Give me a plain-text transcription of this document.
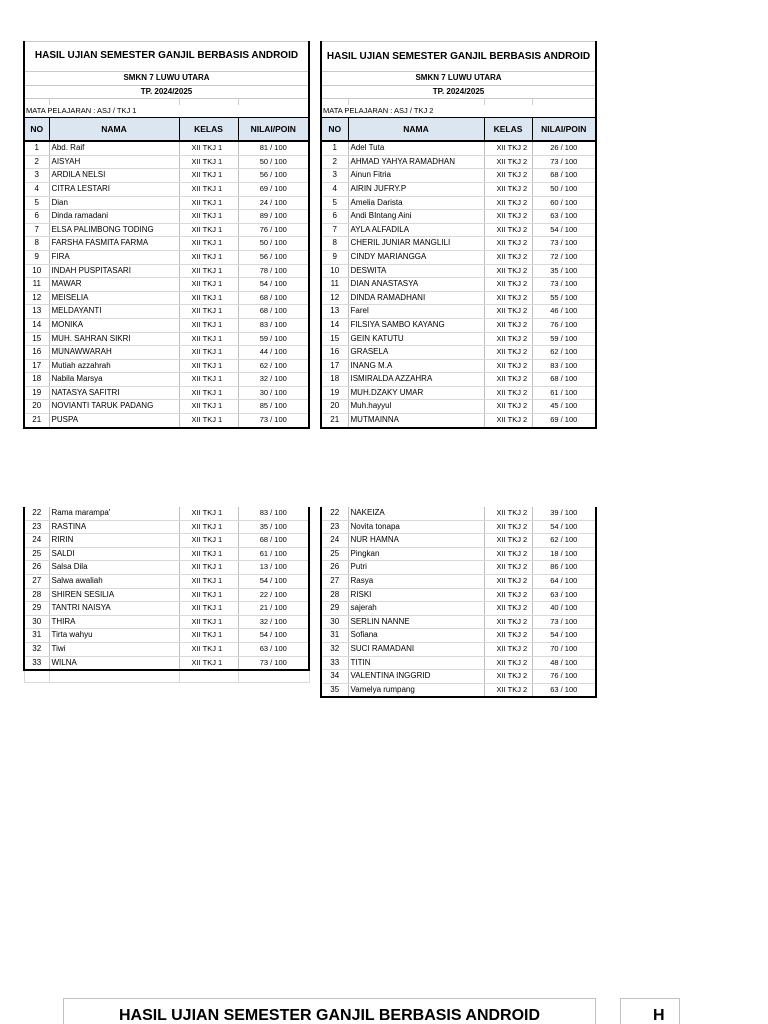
HASIL UJIAN SEMESTER GANJIL BERBASIS ANDROID			
SMKN 7 LUWU UTARA			
TP. 2024/2025			

MATA PELAJARAN : ASJ / TKJ 1			
NO	NAMA	KELAS	NILAI/POIN
1	Abd. Raif	XII TKJ 1	81 / 100
2	AISYAH	XII TKJ 1	50 / 100
3	ARDILA NELSI	XII TKJ 1	56 / 100
4	CITRA LESTARI	XII TKJ 1	69 / 100
5	Dian	XII TKJ 1	24 / 100
6	Dinda ramadani	XII TKJ 1	89 / 100
7	ELSA PALIMBONG TODING	XII TKJ 1	76 / 100
8	FARSHA FASMITA FARMA	XII TKJ 1	50 / 100
9	FIRA	XII TKJ 1	56 / 100
10	INDAH PUSPITASARI	XII TKJ 1	78 / 100
11	MAWAR	XII TKJ 1	54 / 100
12	MEISELIA	XII TKJ 1	68 / 100
13	MELDAYANTI	XII TKJ 1	68 / 100
14	MONIKA	XII TKJ 1	83 / 100
15	MUH. SAHRAN SIKRI	XII TKJ 1	59 / 100
16	MUNAWWARAH	XII TKJ 1	44 / 100
17	Mutiah azzahrah	XII TKJ 1	62 / 100
18	Nabila Marsya	XII TKJ 1	32 / 100
19	NATASYA SAFITRI	XII TKJ 1	30 / 100
20	NOVIANTI TARUK PADANG	XII TKJ 1	85 / 100
21	PUSPA	XII TKJ 1	73 / 100
HASIL UJIAN SEMESTER GANJIL BERBASIS ANDROID			
SMKN 7 LUWU UTARA			
TP. 2024/2025			

MATA PELAJARAN : ASJ / TKJ 2			
NO	NAMA	KELAS	NILAI/POIN
1	Adel Tuta	XII TKJ 2	26 / 100
2	AHMAD YAHYA RAMADHAN	XII TKJ 2	73 / 100
3	Ainun Fitria	XII TKJ 2	68 / 100
4	AIRIN JUFRY.P	XII TKJ 2	50 / 100
5	Amelia Darista	XII TKJ 2	60 / 100
6	Andi BIntang Aini	XII TKJ 2	63 / 100
7	AYLA ALFADILA	XII TKJ 2	54 / 100
8	CHERIL JUNIAR MANGLILI	XII TKJ 2	73 / 100
9	CINDY MARIANGGA	XII TKJ 2	72 / 100
10	DESWITA	XII TKJ 2	35 / 100
11	DIAN ANASTASYA	XII TKJ 2	73 / 100
12	DINDA RAMADHANI	XII TKJ 2	55 / 100
13	Farel	XII TKJ 2	46 / 100
14	FILSIYA SAMBO KAYANG	XII TKJ 2	76 / 100
15	GEIN KATUTU	XII TKJ 2	59 / 100
16	GRASELA	XII TKJ 2	62 / 100
17	INANG M.A	XII TKJ 2	83 / 100
18	ISMIRALDA AZZAHRA	XII TKJ 2	68 / 100
19	MUH.DZAKY UMAR	XII TKJ 2	61 / 100
20	Muh.hayyul	XII TKJ 2	45 / 100
21	MUTMAINNA	XII TKJ 2	69 / 100
22	Rama marampa'	XII TKJ 1	83 / 100
23	RASTINA	XII TKJ 1	35 / 100
24	RIRIN	XII TKJ 1	68 / 100
25	SALDI	XII TKJ 1	61 / 100
26	Salsa Dila	XII TKJ 1	13 / 100
27	Salwa awaliah	XII TKJ 1	54 / 100
28	SHIREN SESILIA	XII TKJ 1	22 / 100
29	TANTRI NAISYA	XII TKJ 1	21 / 100
30	THIRA	XII TKJ 1	32 / 100
31	Tirta wahyu	XII TKJ 1	54 / 100
32	Tiwi	XII TKJ 1	63 / 100
33	WILNA	XII TKJ 1	73 / 100

22	NAKEIZA	XII TKJ 2	39 / 100
23	Novita tonapa	XII TKJ 2	54 / 100
24	NUR HAMNA	XII TKJ 2	62 / 100
25	Pingkan	XII TKJ 2	18 / 100
26	Putri	XII TKJ 2	86 / 100
27	Rasya	XII TKJ 2	64 / 100
28	RISKI	XII TKJ 2	63 / 100
29	sajerah	XII TKJ 2	40 / 100
30	SERLIN NANNE	XII TKJ 2	73 / 100
31	Sofiana	XII TKJ 2	54 / 100
32	SUCI RAMADANI	XII TKJ 2	70 / 100
33	TITIN	XII TKJ 2	48 / 100
34	VALENTINA INGGRID	XII TKJ 2	76 / 100
35	Vamelya rumpang	XII TKJ 2	63 / 100
HASIL UJIAN SEMESTER GANJIL BERBASIS ANDROID	H
